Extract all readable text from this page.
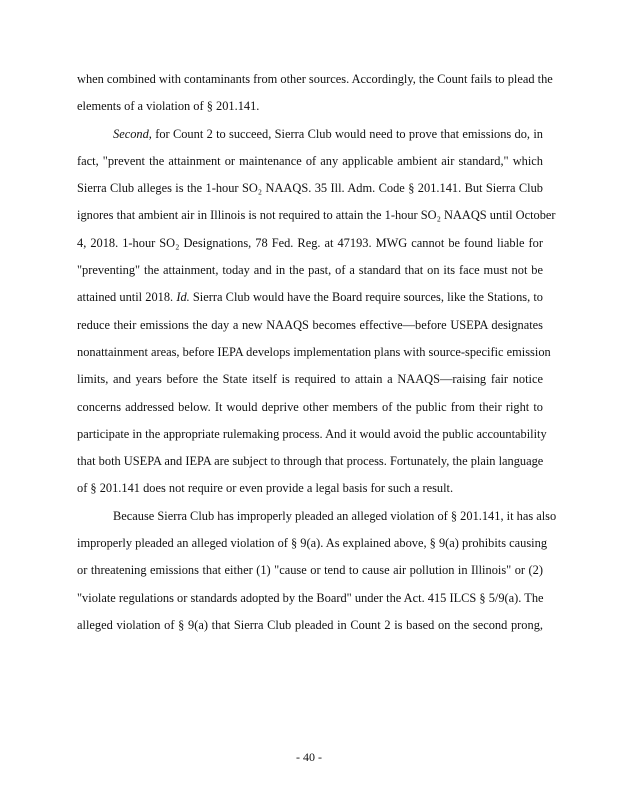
when combined with contaminants from other sources. Accordingly, the Count fails to plead the
elements of a violation of § 201.141.
Second, for Count 2 to succeed, Sierra Club would need to prove that emissions do, in
fact, "prevent the attainment or maintenance of any applicable ambient air standard," which
Sierra Club alleges is the 1-hour SO₂ NAAQS. 35 Ill. Adm. Code § 201.141. But Sierra Club
ignores that ambient air in Illinois is not required to attain the 1-hour SO₂ NAAQS until October
4, 2018. 1-hour SO₂ Designations, 78 Fed. Reg. at 47193. MWG cannot be found liable for
"preventing" the attainment, today and in the past, of a standard that on its face must not be
attained until 2018. Id. Sierra Club would have the Board require sources, like the Stations, to
reduce their emissions the day a new NAAQS becomes effective—before USEPA designates
nonattainment areas, before IEPA develops implementation plans with source-specific emission
limits, and years before the State itself is required to attain a NAAQS—raising fair notice
concerns addressed below. It would deprive other members of the public from their right to
participate in the appropriate rulemaking process. And it would avoid the public accountability
that both USEPA and IEPA are subject to through that process. Fortunately, the plain language
of § 201.141 does not require or even provide a legal basis for such a result.
Because Sierra Club has improperly pleaded an alleged violation of § 201.141, it has also
improperly pleaded an alleged violation of § 9(a). As explained above, § 9(a) prohibits causing
or threatening emissions that either (1) "cause or tend to cause air pollution in Illinois" or (2)
"violate regulations or standards adopted by the Board" under the Act. 415 ILCS § 5/9(a). The
alleged violation of § 9(a) that Sierra Club pleaded in Count 2 is based on the second prong,
- 40 -
